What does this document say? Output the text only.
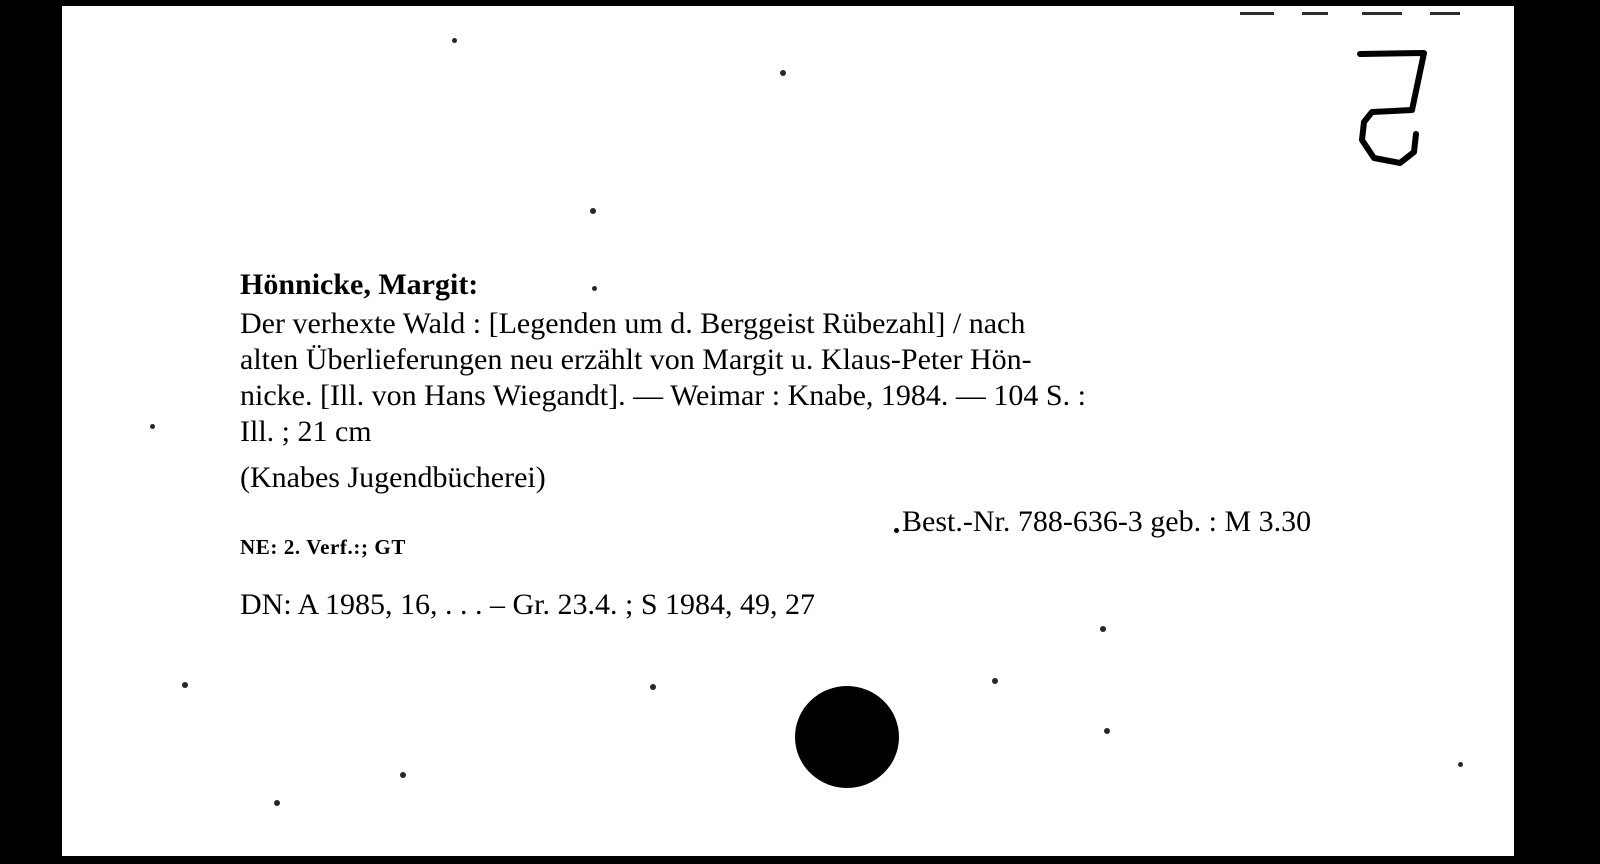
Hönnicke, Margit:
Der verhexte Wald : [Legenden um d. Berggeist Rübezahl] / nach
alten Überlieferungen neu erzählt von Margit u. Klaus-Peter Hön-
nicke. [Ill. von Hans Wiegandt]. — Weimar : Knabe, 1984. — 104 S. :
Ill. ; 21 cm
(Knabes Jugendbücherei)
Best.-Nr. 788-636-3 geb. : M 3.30
NE: 2. Verf.:; GT
DN: A 1985, 16, . . . – Gr. 23.4. ; S 1984, 49, 27
